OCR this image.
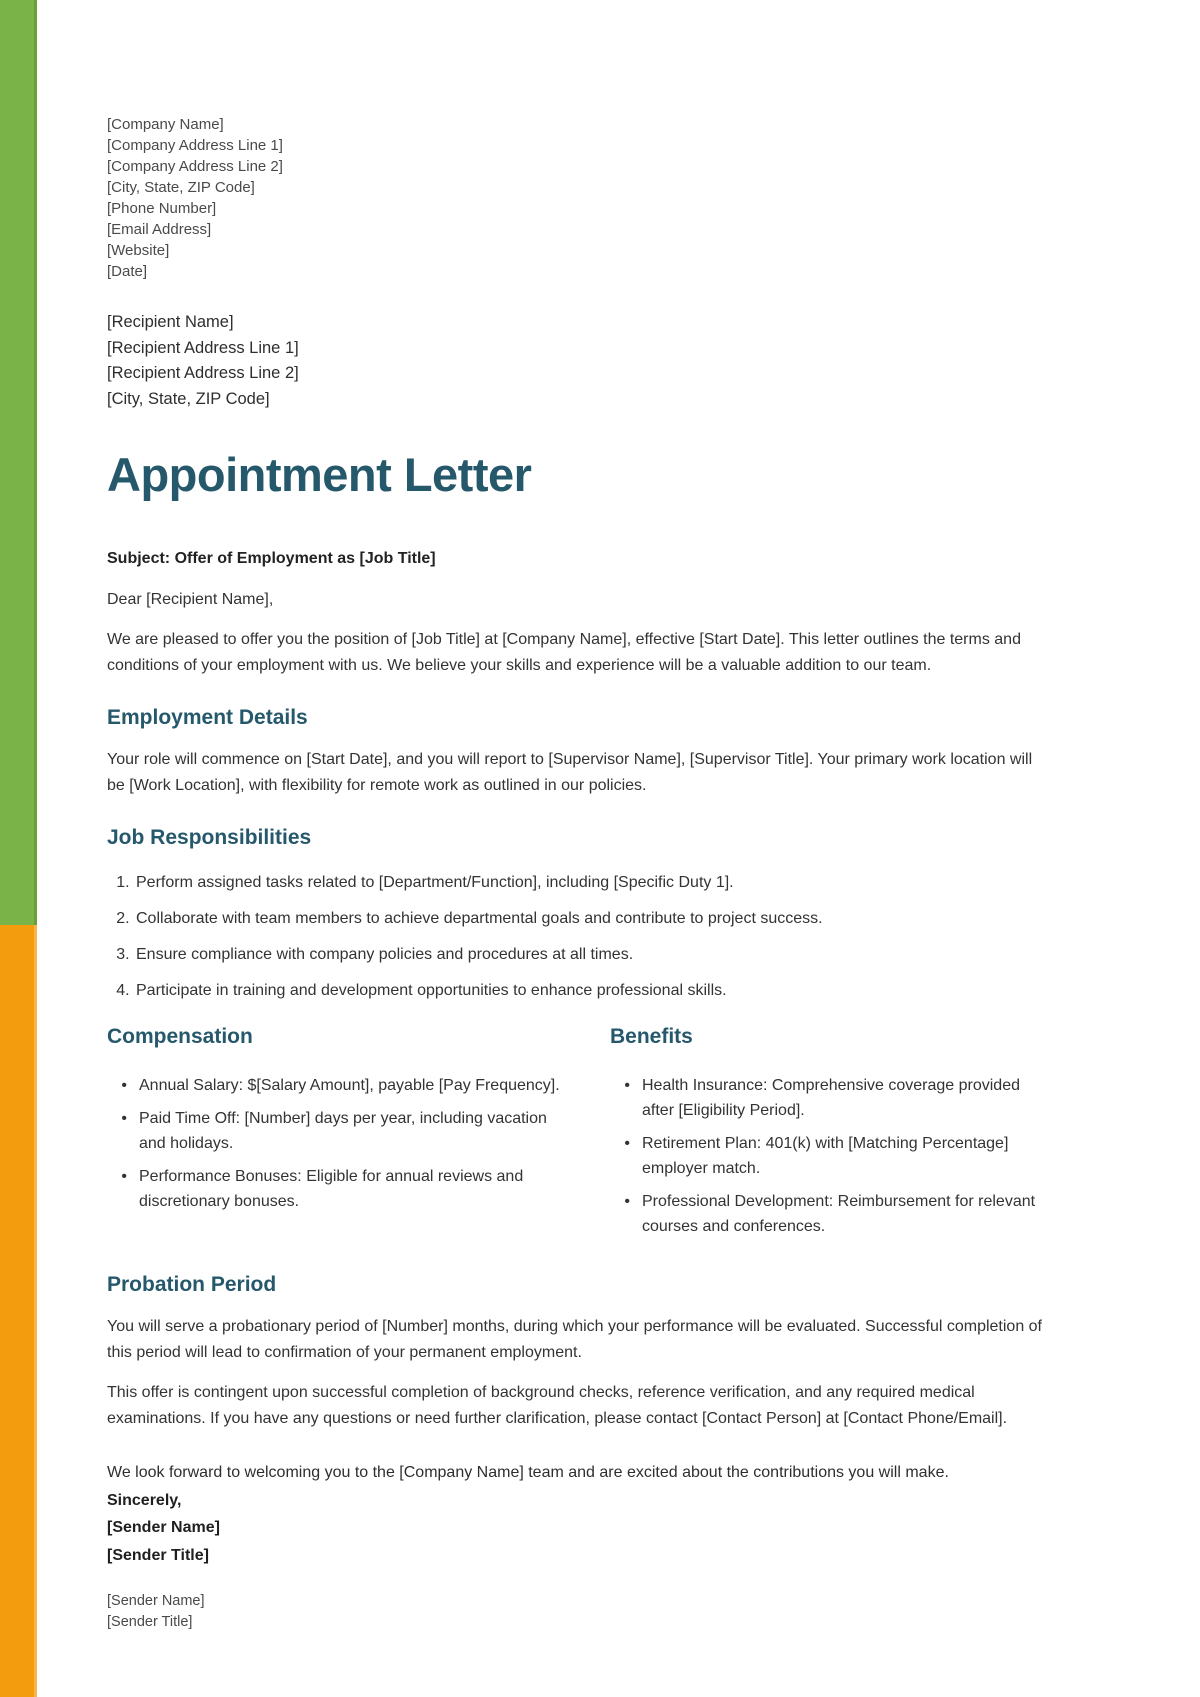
[Company Name]
[Company Address Line 1]
[Company Address Line 2]
[City, State, ZIP Code]
[Phone Number]
[Email Address]
[Website]
[Date]
[Recipient Name]
[Recipient Address Line 1]
[Recipient Address Line 2]
[City, State, ZIP Code]
Appointment Letter
Subject: Offer of Employment as [Job Title]

Dear [Recipient Name],

We are pleased to offer you the position of [Job Title] at [Company Name], effective [Start Date]. This letter outlines the terms and conditions of your employment with us. We believe your skills and experience will be a valuable addition to our team.

Employment Details

Your role will commence on [Start Date], and you will report to [Supervisor Name], [Supervisor Title]. Your primary work location will be [Work Location], with flexibility for remote work as outlined in our policies.

Job Responsibilities
1. Perform assigned tasks related to [Department/Function], including [Specific Duty 1].
2. Collaborate with team members to achieve departmental goals and contribute to project success.
3. Ensure compliance with company policies and procedures at all times.
4. Participate in training and development opportunities to enhance professional skills.
Compensation
• Annual Salary: $[Salary Amount], payable [Pay Frequency].
• Paid Time Off: [Number] days per year, including vacation and holidays.
• Performance Bonuses: Eligible for annual reviews and discretionary bonuses.
Benefits
• Health Insurance: Comprehensive coverage provided after [Eligibility Period].
• Retirement Plan: 401(k) with [Matching Percentage] employer match.
• Professional Development: Reimbursement for relevant courses and conferences.
Probation Period

You will serve a probationary period of [Number] months, during which your performance will be evaluated. Successful completion of this period will lead to confirmation of your permanent employment.

This offer is contingent upon successful completion of background checks, reference verification, and any required medical examinations. If you have any questions or need further clarification, please contact [Contact Person] at [Contact Phone/Email].

We look forward to welcoming you to the [Company Name] team and are excited about the contributions you will make.
Sincerely,
[Sender Name]
[Sender Title]
[Sender Name]
[Sender Title]
